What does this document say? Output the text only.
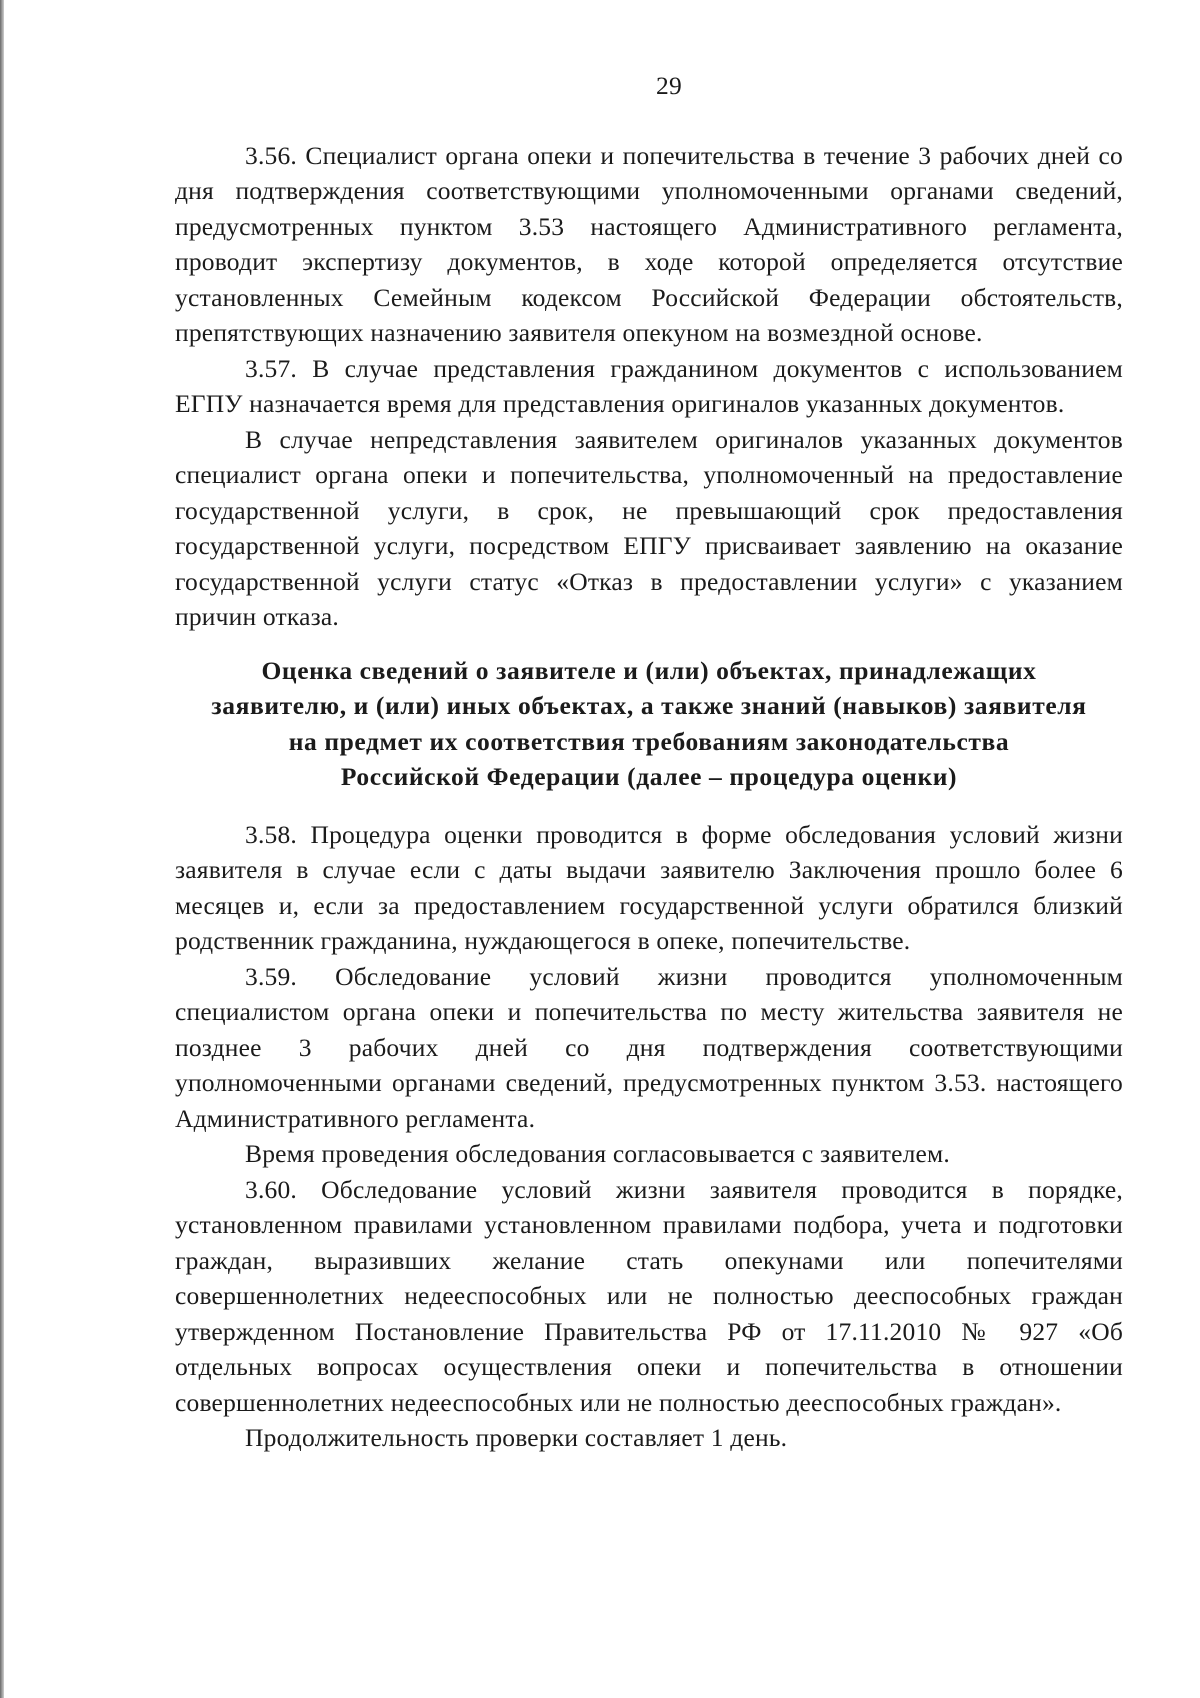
29

3.56. Специалист органа опеки и попечительства в течение 3 рабочих дней со дня подтверждения соответствующими уполномоченными органами сведений, предусмотренных пунктом 3.53 настоящего Административного регламента, проводит экспертизу документов, в ходе которой определяется отсутствие установленных Семейным кодексом Российской Федерации обстоятельств, препятствующих назначению заявителя опекуном на возмездной основе.

3.57. В случае представления гражданином документов с использованием ЕГПУ назначается время для представления оригиналов указанных документов.

В случае непредставления заявителем оригиналов указанных документов специалист органа опеки и попечительства, уполномоченный на предоставление государственной услуги, в срок, не превышающий срок предоставления государственной услуги, посредством ЕПГУ присваивает заявлению на оказание государственной услуги статус «Отказ в предоставлении услуги» с указанием причин отказа.

Оценка сведений о заявителе и (или) объектах, принадлежащих
заявителю, и (или) иных объектах, а также знаний (навыков) заявителя
на предмет их соответствия требованиям законодательства
Российской Федерации (далее – процедура оценки)

3.58. Процедура оценки проводится в форме обследования условий жизни заявителя в случае если с даты выдачи заявителю Заключения прошло более 6 месяцев и, если за предоставлением государственной услуги обратился близкий родственник гражданина, нуждающегося в опеке, попечительстве.

3.59. Обследование условий жизни проводится уполномоченным специалистом органа опеки и попечительства по месту жительства заявителя не позднее 3 рабочих дней со дня подтверждения соответствующими уполномоченными органами сведений, предусмотренных пунктом 3.53. настоящего Административного регламента.

Время проведения обследования согласовывается с заявителем.

3.60. Обследование условий жизни заявителя проводится в порядке, установленном правилами установленном правилами подбора, учета и подготовки граждан, выразивших желание стать опекунами или попечителями совершеннолетних недееспособных или не полностью дееспособных граждан утвержденном Постановление Правительства РФ от 17.11.2010 № 927 «Об отдельных вопросах осуществления опеки и попечительства в отношении совершеннолетних недееспособных или не полностью дееспособных граждан».

Продолжительность проверки составляет 1 день.
